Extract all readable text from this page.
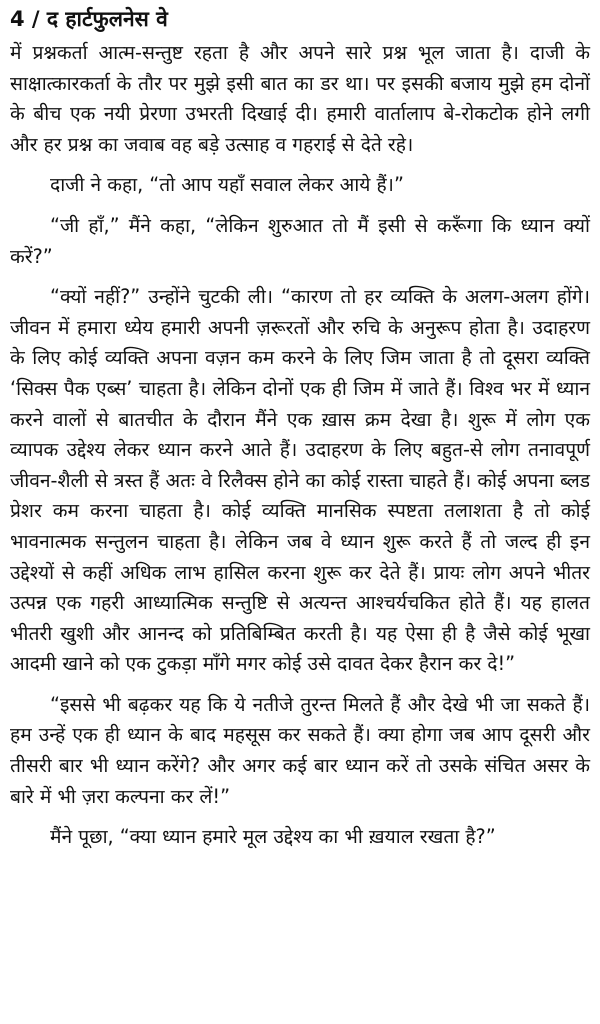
4 / द हार्टफुलनेस वे

में प्रश्नकर्ता आत्म-सन्तुष्ट रहता है और अपने सारे प्रश्न भूल जाता है। दाजी के साक्षात्कारकर्ता के तौर पर मुझे इसी बात का डर था। पर इसकी बजाय मुझे हम दोनों के बीच एक नयी प्रेरणा उभरती दिखाई दी। हमारी वार्तालाप बे-रोकटोक होने लगी और हर प्रश्न का जवाब वह बड़े उत्साह व गहराई से देते रहे।

दाजी ने कहा, “तो आप यहाँ सवाल लेकर आये हैं।”

“जी हाँ,” मैंने कहा, “लेकिन शुरुआत तो मैं इसी से करूँगा कि ध्यान क्यों करें?”

“क्यों नहीं?” उन्होंने चुटकी ली। “कारण तो हर व्यक्ति के अलग-अलग होंगे। जीवन में हमारा ध्येय हमारी अपनी ज़रूरतों और रुचि के अनुरूप होता है। उदाहरण के लिए कोई व्यक्ति अपना वज़न कम करने के लिए जिम जाता है तो दूसरा व्यक्ति ‘सिक्स पैक एब्स’ चाहता है। लेकिन दोनों एक ही जिम में जाते हैं। विश्व भर में ध्यान करने वालों से बातचीत के दौरान मैंने एक ख़ास क्रम देखा है। शुरू में लोग एक व्यापक उद्देश्य लेकर ध्यान करने आते हैं। उदाहरण के लिए बहुत-से लोग तनावपूर्ण जीवन-शैली से त्रस्त हैं अतः वे रिलैक्स होने का कोई रास्ता चाहते हैं। कोई अपना ब्लड प्रेशर कम करना चाहता है। कोई व्यक्ति मानसिक स्पष्टता तलाशता है तो कोई भावनात्मक सन्तुलन चाहता है। लेकिन जब वे ध्यान शुरू करते हैं तो जल्द ही इन उद्देश्यों से कहीं अधिक लाभ हासिल करना शुरू कर देते हैं। प्रायः लोग अपने भीतर उत्पन्न एक गहरी आध्यात्मिक सन्तुष्टि से अत्यन्त आश्चर्यचकित होते हैं। यह हालत भीतरी खुशी और आनन्द को प्रतिबिम्बित करती है। यह ऐसा ही है जैसे कोई भूखा आदमी खाने को एक टुकड़ा माँगे मगर कोई उसे दावत देकर हैरान कर दे!”

“इससे भी बढ़कर यह कि ये नतीजे तुरन्त मिलते हैं और देखे भी जा सकते हैं। हम उन्हें एक ही ध्यान के बाद महसूस कर सकते हैं। क्या होगा जब आप दूसरी और तीसरी बार भी ध्यान करेंगे? और अगर कई बार ध्यान करें तो उसके संचित असर के बारे में भी ज़रा कल्पना कर लें!”

मैंने पूछा, “क्या ध्यान हमारे मूल उद्देश्य का भी ख़याल रखता है?”
